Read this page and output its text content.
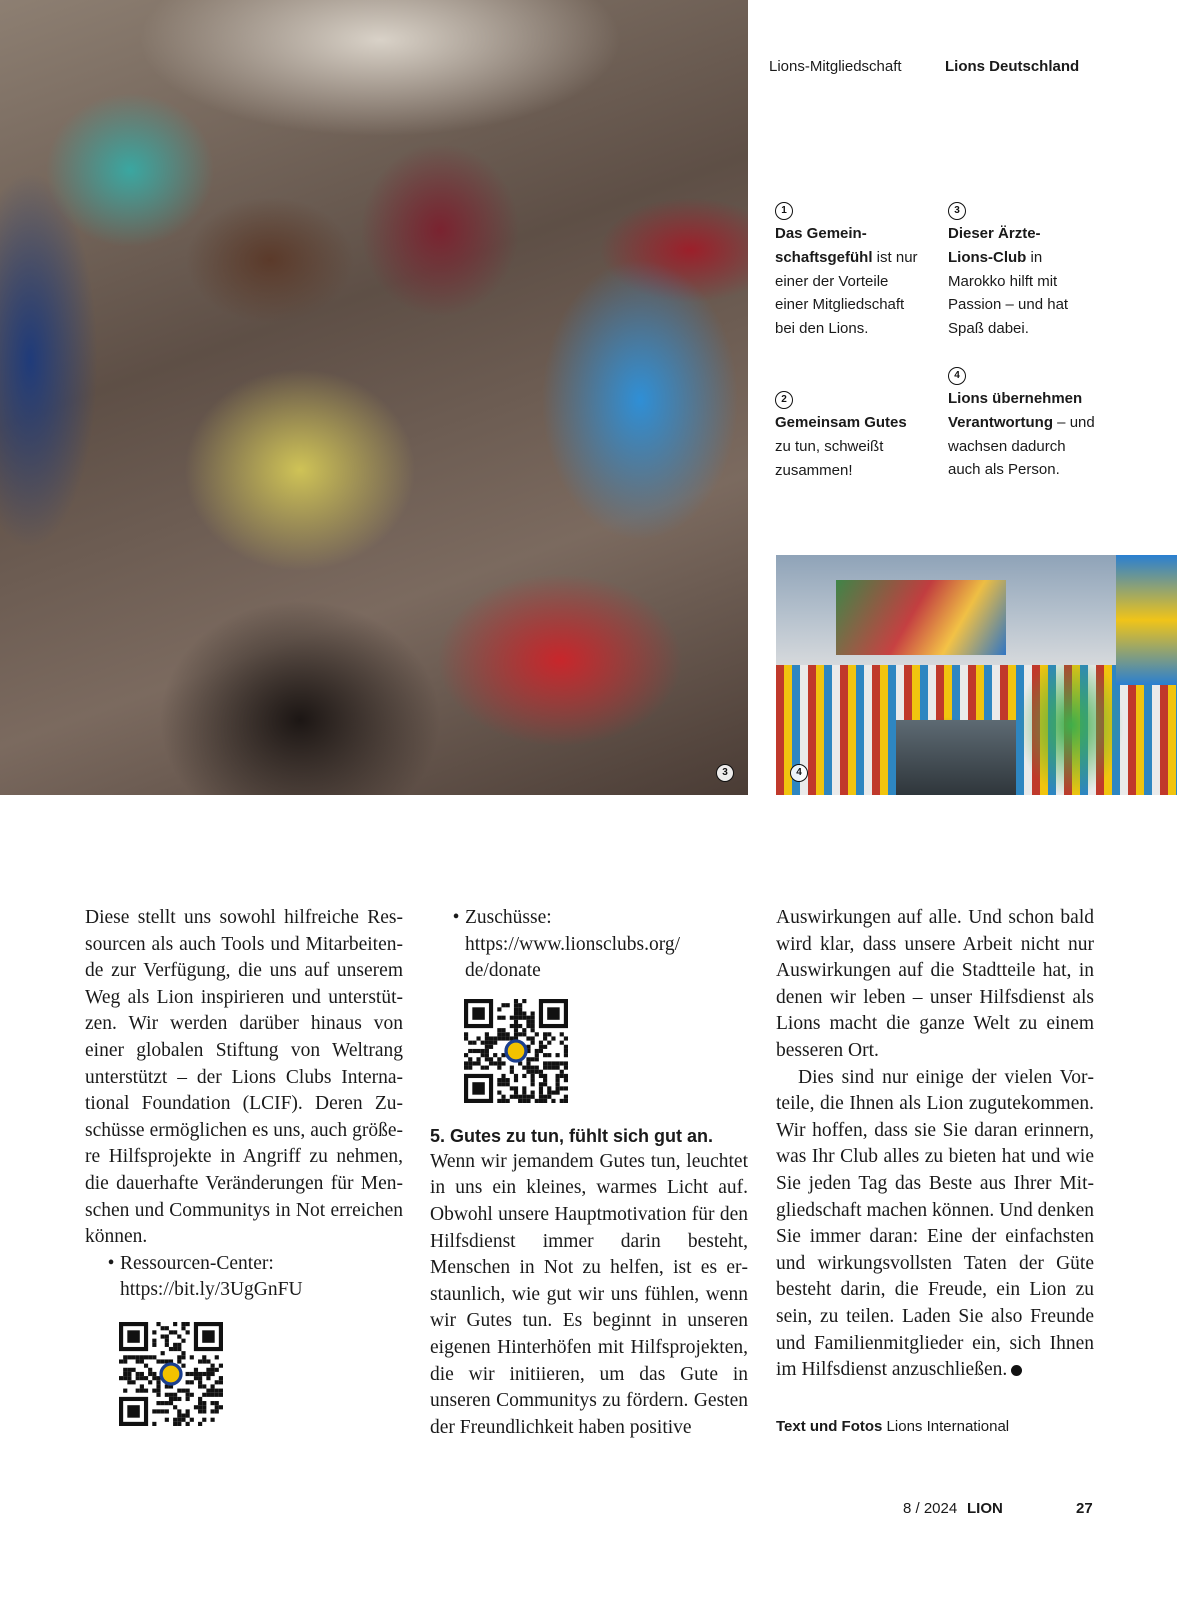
3	4
Lions-Mitgliedschaft	Lions Deutschland
1
Das Gemein-
schaftsgefühl ist nur einer der Vorteile einer Mitgliedschaft bei den Lions.
2
Gemeinsam Gutes zu tun, schweißt zusammen!
3
Dieser Ärzte-
Lions-Club in Marokko hilft mit Passion – und hat Spaß dabei.
4
Lions übernehmen Verantwortung – und wachsen dadurch auch als Person.

Diese stellt uns sowohl hilfreiche Ressourcen als auch Tools und Mitarbeitende zur Verfügung, die uns auf unserem Weg als Lion inspirieren und unterstützen. Wir werden darüber hinaus von einer globalen Stiftung von Weltrang unterstützt – der Lions Clubs International Foundation (LCIF). Deren Zuschüsse ermöglichen es uns, auch größere Hilfsprojekte in Angriff zu nehmen, die dauerhafte Veränderungen für Menschen und Communitys in Not erreichen können.

• Ressourcen-Center:
https://bit.ly/3UgGnFU
• Zuschüsse:
https://www.lionsclubs.org/
de/donate
5. Gutes zu tun, fühlt sich gut an.

Wenn wir jemandem Gutes tun, leuchtet in uns ein kleines, warmes Licht auf. Obwohl unsere Hauptmotivation für den Hilfsdienst immer darin besteht, Menschen in Not zu helfen, ist es erstaunlich, wie gut wir uns fühlen, wenn wir Gutes tun. Es beginnt in unseren eigenen Hinterhöfen mit Hilfsprojekten, die wir initiieren, um das Gute in unseren Communitys zu fördern. Gesten der Freundlichkeit haben positive

Auswirkungen auf alle. Und schon bald wird klar, dass unsere Arbeit nicht nur Auswirkungen auf die Stadtteile hat, in denen wir leben – unser Hilfsdienst als Lions macht die ganze Welt zu einem besseren Ort.

Dies sind nur einige der vielen Vorteile, die Ihnen als Lion zugutekommen. Wir hoffen, dass sie Sie daran erinnern, was Ihr Club alles zu bieten hat und wie Sie jeden Tag das Beste aus Ihrer Mitgliedschaft machen können. Und denken Sie immer daran: Eine der einfachsten und wirkungsvollsten Taten der Güte besteht darin, die Freude, ein Lion zu sein, zu teilen. Laden Sie also Freunde und Familienmitglieder ein, sich Ihnen im Hilfsdienst anzuschließen.	L

Text und Fotos Lions International
8 / 2024 LION	27
